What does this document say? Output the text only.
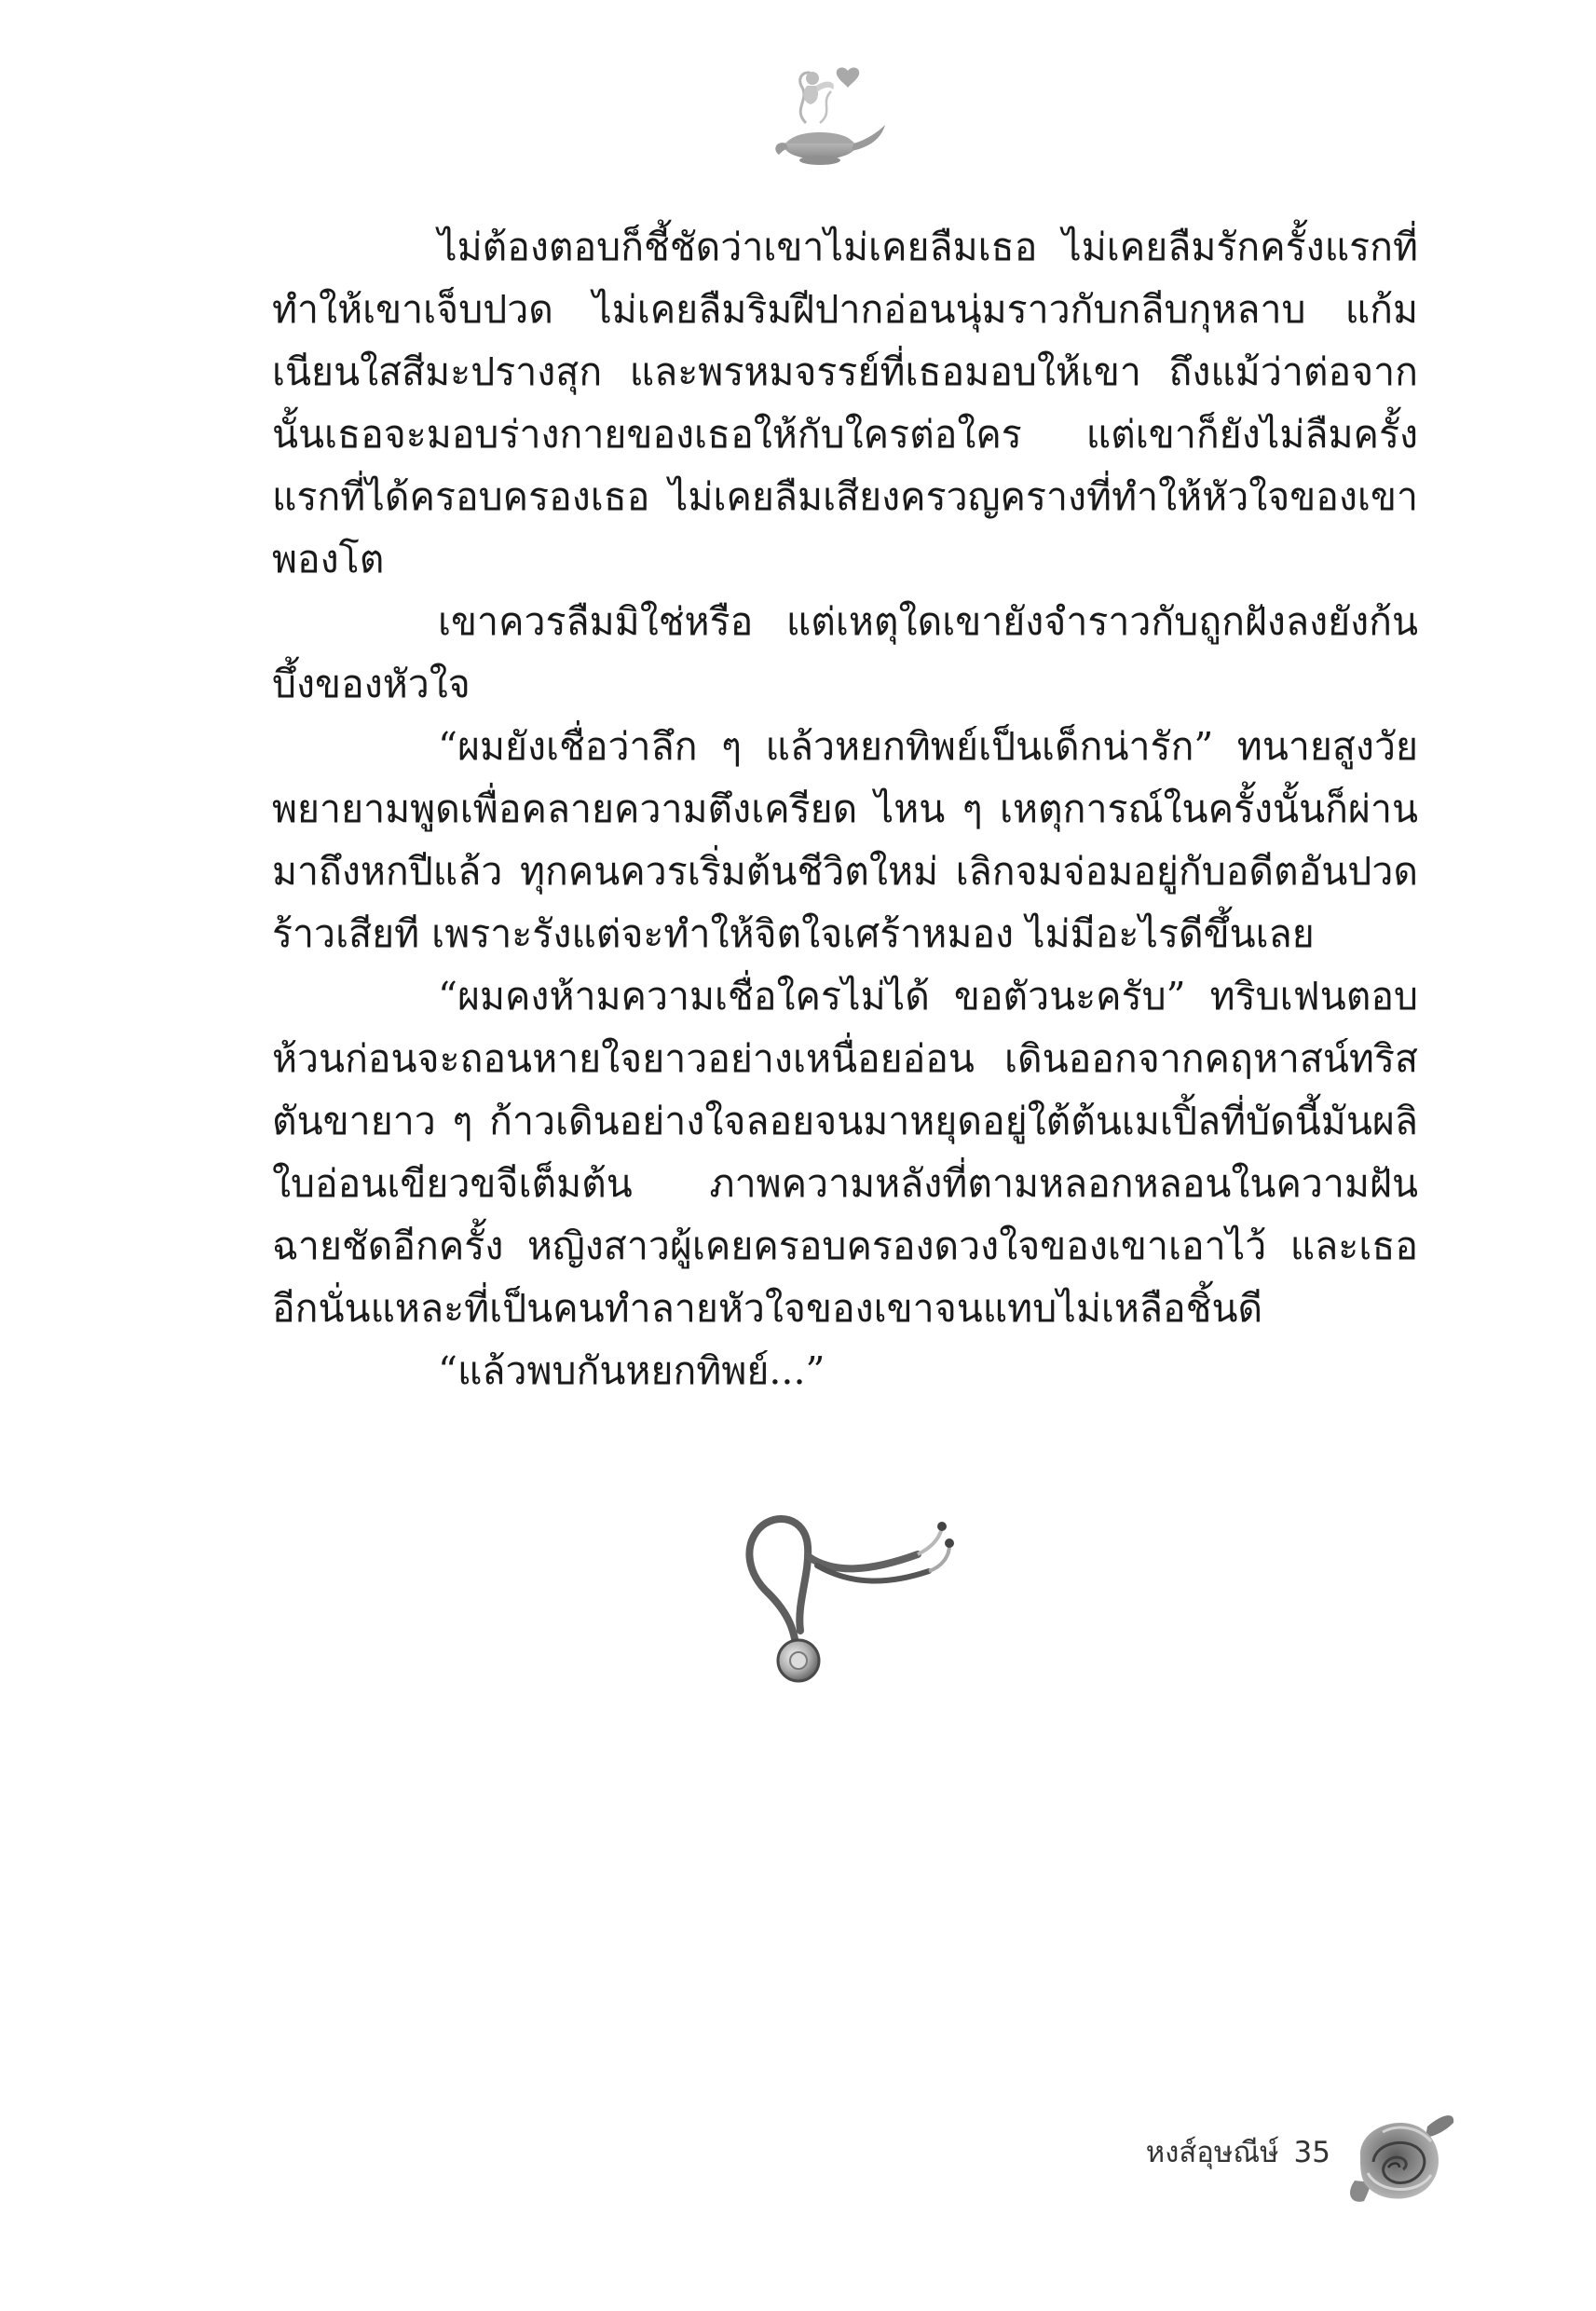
ไม่ต้องตอบก็ชี้ชัดว่าเขาไม่เคยลืมเธอ ไม่เคยลืมรักครั้งแรกที่ทำให้เขาเจ็บปวด ไม่เคยลืมริมฝีปากอ่อนนุ่มราวกับกลีบกุหลาบ แก้มเนียนใสสีมะปรางสุก และพรหมจรรย์ที่เธอมอบให้เขา ถึงแม้ว่าต่อจากนั้นเธอจะมอบร่างกายของเธอให้กับใครต่อใคร แต่เขาก็ยังไม่ลืมครั้งแรกที่ได้ครอบครองเธอ ไม่เคยลืมเสียงครวญครางที่ทำให้หัวใจของเขาพองโต

เขาควรลืมมิใช่หรือ แต่เหตุใดเขายังจำราวกับถูกฝังลงยังก้นบึ้งของหัวใจ

“ผมยังเชื่อว่าลึก ๆ แล้วหยกทิพย์เป็นเด็กน่ารัก” ทนายสูงวัยพยายามพูดเพื่อคลายความตึงเครียด ไหน ๆ เหตุการณ์ในครั้งนั้นก็ผ่านมาถึงหกปีแล้ว ทุกคนควรเริ่มต้นชีวิตใหม่ เลิกจมจ่อมอยู่กับอดีตอันปวดร้าวเสียที เพราะรังแต่จะทำให้จิตใจเศร้าหมอง ไม่มีอะไรดีขึ้นเลย

“ผมคงห้ามความเชื่อใครไม่ได้ ขอตัวนะครับ” ทริบเฟนตอบห้วนก่อนจะถอนหายใจยาวอย่างเหนื่อยอ่อน เดินออกจากคฤหาสน์ทริสตันขายาว ๆ ก้าวเดินอย่างใจลอยจนมาหยุดอยู่ใต้ต้นเมเปิ้ลที่บัดนี้มันผลิใบอ่อนเขียวขจีเต็มต้น ภาพความหลังที่ตามหลอกหลอนในความฝันฉายชัดอีกครั้ง หญิงสาวผู้เคยครอบครองดวงใจของเขาเอาไว้ และเธออีกนั่นแหละที่เป็นคนทำลายหัวใจของเขาจนแทบไม่เหลือชิ้นดี

“แล้วพบกันหยกทิพย์...”

หงส์อุษณีษ์ 35
